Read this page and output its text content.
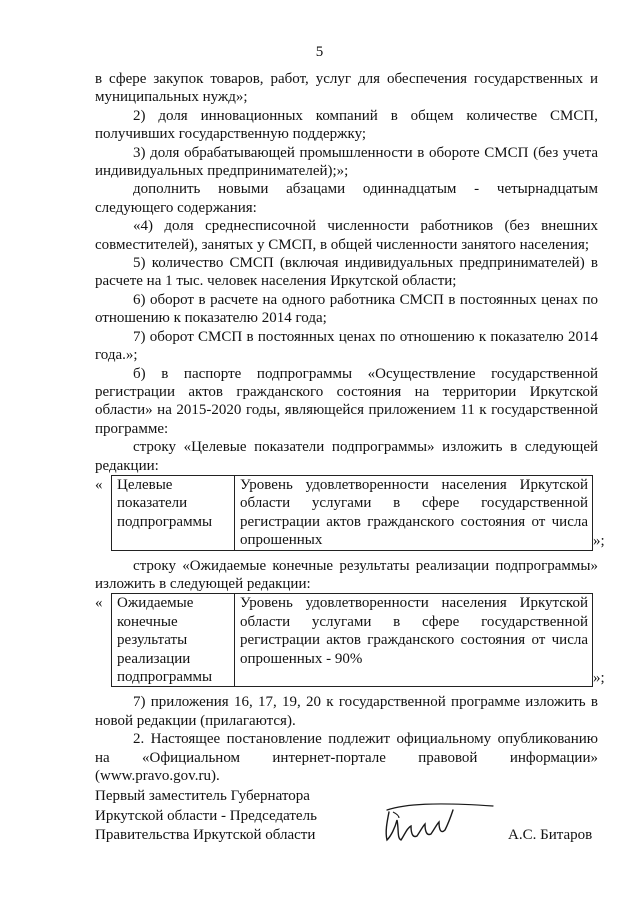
5

в сфере закупок товаров, работ, услуг для обеспечения государственных и муниципальных нужд»;

2) доля инновационных компаний в общем количестве СМСП, получивших государственную поддержку;

3) доля обрабатывающей промышленности в обороте СМСП (без учета индивидуальных предпринимателей);»;

дополнить новыми абзацами одиннадцатым - четырнадцатым следующего содержания:

«4) доля среднесписочной численности работников (без внешних совместителей), занятых у СМСП, в общей численности занятого населения;

5) количество СМСП (включая индивидуальных предпринимателей) в расчете на 1 тыс. человек населения Иркутской области;

6) оборот в расчете на одного работника СМСП в постоянных ценах по отношению к показателю 2014 года;

7) оборот СМСП в постоянных ценах по отношению к показателю 2014 года.»;

б) в паспорте подпрограммы «Осуществление государственной регистрации актов гражданского состояния на территории Иркутской области» на 2015-2020 годы, являющейся приложением 11 к государственной программе:

строку «Целевые показатели подпрограммы» изложить в следующей редакции:

« Целевые показатели подпрограммы	Уровень удовлетворенности населения Иркутской области услугами в сфере государственной регистрации актов гражданского состояния от числа опрошенных	»;

строку «Ожидаемые конечные результаты реализации подпрограммы» изложить в следующей редакции:

« Ожидаемые конечные результаты реализации подпрограммы	Уровень удовлетворенности населения Иркутской области услугами в сфере государственной регистрации актов гражданского состояния от числа опрошенных - 90%
»;

7) приложения 16, 17, 19, 20 к государственной программе изложить в новой редакции (прилагаются).

2. Настоящее постановление подлежит официальному опубликованию на «Официальном интернет-портале правовой информации» (www.pravo.gov.ru).

Первый заместитель Губернатора
Иркутской области - Председатель
Правительства Иркутской области	А.С. Битаров
